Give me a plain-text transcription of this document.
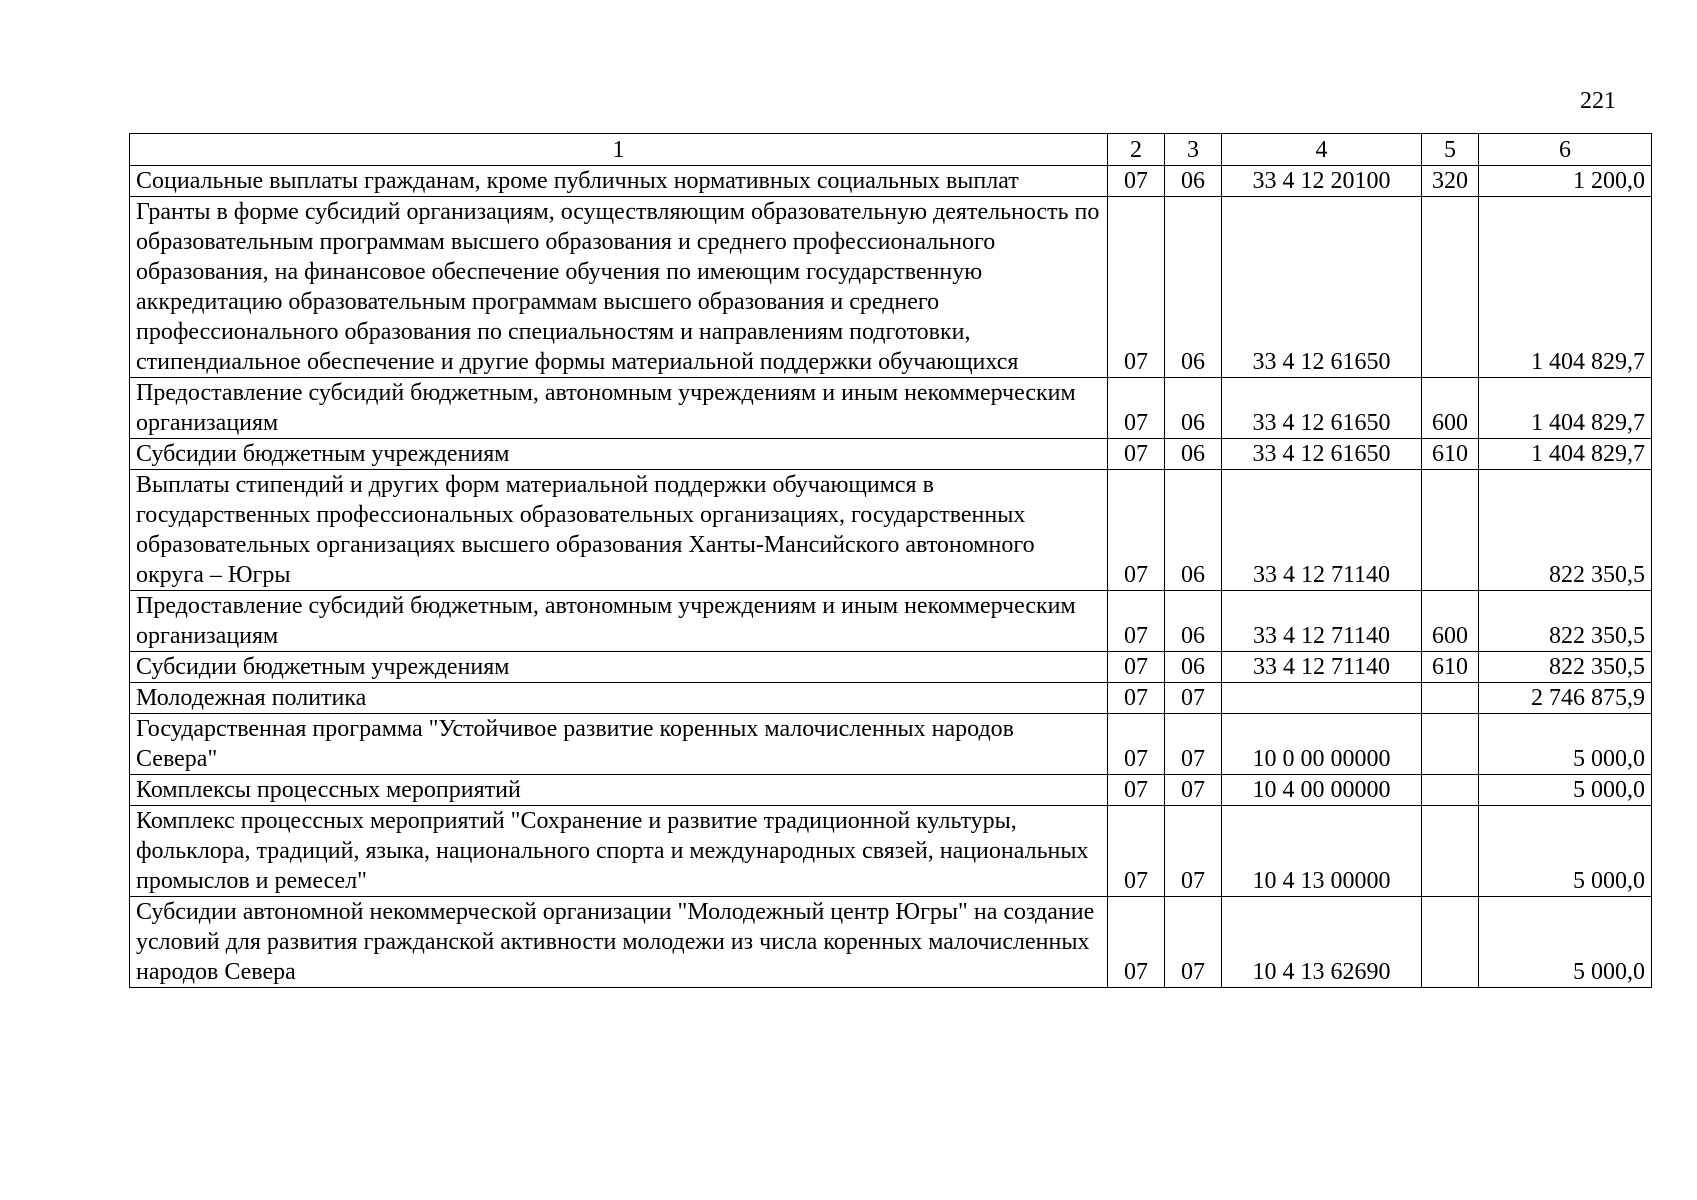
221
1	2	3	4	5	6
Социальные выплаты гражданам, кроме публичных нормативных социальных выплат	07	06	33 4 12 20100	320	1 200,0
Гранты в форме субсидий организациям, осуществляющим образовательную деятельность по образовательным программам высшего образования и среднего профессионального образования, на финансовое обеспечение обучения по имеющим государственную аккредитацию образовательным программам высшего образования и среднего профессионального образования по специальностям и направлениям подготовки, стипендиальное обеспечение и другие формы материальной поддержки обучающихся	07	06	33 4 12 61650		1 404 829,7
Предоставление субсидий бюджетным, автономным учреждениям и иным некоммерческим организациям	07	06	33 4 12 61650	600	1 404 829,7
Субсидии бюджетным учреждениям	07	06	33 4 12 61650	610	1 404 829,7
Выплаты стипендий и других форм материальной поддержки обучающимся в государственных профессиональных образовательных организациях, государственных образовательных организациях высшего образования Ханты-Мансийского автономного округа – Югры	07	06	33 4 12 71140		822 350,5
Предоставление субсидий бюджетным, автономным учреждениям и иным некоммерческим организациям	07	06	33 4 12 71140	600	822 350,5
Субсидии бюджетным учреждениям	07	06	33 4 12 71140	610	822 350,5
Молодежная политика	07	07			2 746 875,9
Государственная программа "Устойчивое развитие коренных малочисленных народов Севера"	07	07	10 0 00 00000		5 000,0
Комплексы процессных мероприятий	07	07	10 4 00 00000		5 000,0
Комплекс процессных мероприятий "Сохранение и развитие традиционной культуры, фольклора, традиций, языка, национального спорта и международных связей, национальных промыслов и ремесел"	07	07	10 4 13 00000		5 000,0
Субсидии автономной некоммерческой организации "Молодежный центр Югры" на создание условий для развития гражданской активности молодежи из числа коренных малочисленных народов Севера	07	07	10 4 13 62690		5 000,0
